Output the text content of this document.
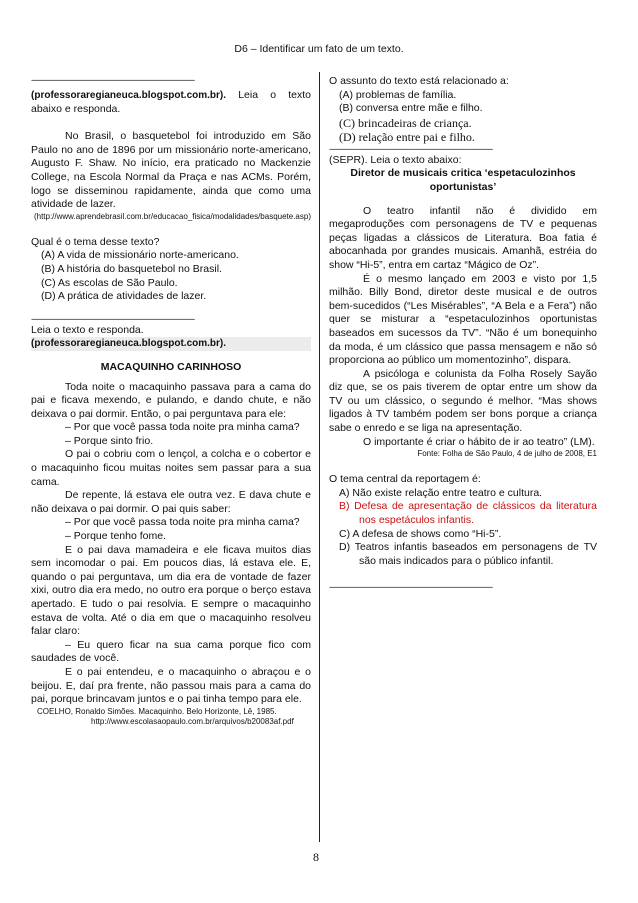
D6 – Identificar um fato de um texto.
------------------------------------------------------------------------------------------------

(professoraregianeuca.blogspot.com.br). Leia o texto abaixo e responda.

No Brasil, o basquetebol foi introduzido em São Paulo no ano de 1896 por um missionário norte-americano, Augusto F. Shaw. No início, era praticado no Mackenzie College, na Escola Normal da Praça e nas ACMs. Porém, logo se disseminou rapidamente, ainda que como uma atividade de lazer.

(http://www.aprendebrasil.com.br/educacao_fisica/modalidades/basquete.asp)

Qual é o tema desse texto?

(A) A vida de missionário norte-americano.

(B) A história do basquetebol no Brasil.

(C) As escolas de São Paulo.

(D) A prática de atividades de lazer.

------------------------------------------------------------------------------------------------

Leia o texto e responda.

(professoraregianeuca.blogspot.com.br).

MACAQUINHO CARINHOSO

Toda noite o macaquinho passava para a cama do pai e ficava mexendo, e pulando, e dando chute, e não deixava o pai dormir. Então, o pai perguntava para ele:

– Por que você passa toda noite pra minha cama?

– Porque sinto frio.

O pai o cobriu com o lençol, a colcha e o cobertor e o macaquinho ficou muitas noites sem passar para a sua cama.

De repente, lá estava ele outra vez. E dava chute e não deixava o pai dormir. O pai quis saber:

– Por que você passa toda noite pra minha cama?

– Porque tenho fome.

E o pai dava mamadeira e ele ficava muitos dias sem incomodar o pai. Em poucos dias, lá estava ele. E, quando o pai perguntava, um dia era de vontade de fazer xixi, outro dia era medo, no outro era porque o berço estava apertado. E tudo o pai resolvia. E sempre o macaquinho estava de volta. Até o dia em que o macaquinho resolveu falar claro:

– Eu quero ficar na sua cama porque fico com saudades de você.

E o pai entendeu, e o macaquinho o abraçou e o beijou. E, daí pra frente, não passou mais para a cama do pai, porque brincavam juntos e o pai tinha tempo para ele.

COELHO, Ronaldo Simões. Macaquinho. Belo Horizonte, Lê, 1985.

http://www.escolasaopaulo.com.br/arquivos/b20083af.pdf

O assunto do texto está relacionado a:

(A) problemas de família.

(B) conversa entre mãe e filho.

(C) brincadeiras de criança.

(D) relação entre pai e filho.

------------------------------------------------------------------------------------------------

(SEPR). Leia o texto abaixo:

Diretor de musicais critica ‘espetaculozinhos oportunistas’

O teatro infantil não é dividido em megaproduções com personagens de TV e pequenas peças ligadas a clássicos de Literatura. Boa fatia é abocanhada por grandes musicais. Amanhã, estréia do show “Hi-5”, entra em cartaz “Mágico de Oz”.

É o mesmo lançado em 2003 e visto por 1,5 milhão. Billy Bond, diretor deste musical e de outros bem-sucedidos (“Les Misérables”, “A Bela e a Fera”) não quer se misturar a “espetaculozinhos oportunistas baseados em sucessos da TV”. “Não é um bonequinho da moda, é um clássico que passa mensagem e não só proporciona ao público um momentozinho”, dispara.

A psicóloga e colunista da Folha Rosely Sayão diz que, se os pais tiverem de optar entre um show da TV ou um clássico, o segundo é melhor. “Mas shows ligados à TV também podem ser bons porque a criança sabe o enredo e se liga na apresentação.

O importante é criar o hábito de ir ao teatro” (LM).

Fonte: Folha de São Paulo, 4 de julho de 2008, E1

O tema central da reportagem é:

A) Não existe relação entre teatro e cultura.

B) Defesa de apresentação de clássicos da literatura nos espetáculos infantis.

C) A defesa de shows como “Hi-5”.

D) Teatros infantis baseados em personagens de TV são mais indicados para o público infantil.

------------------------------------------------------------------------------------------------
8
